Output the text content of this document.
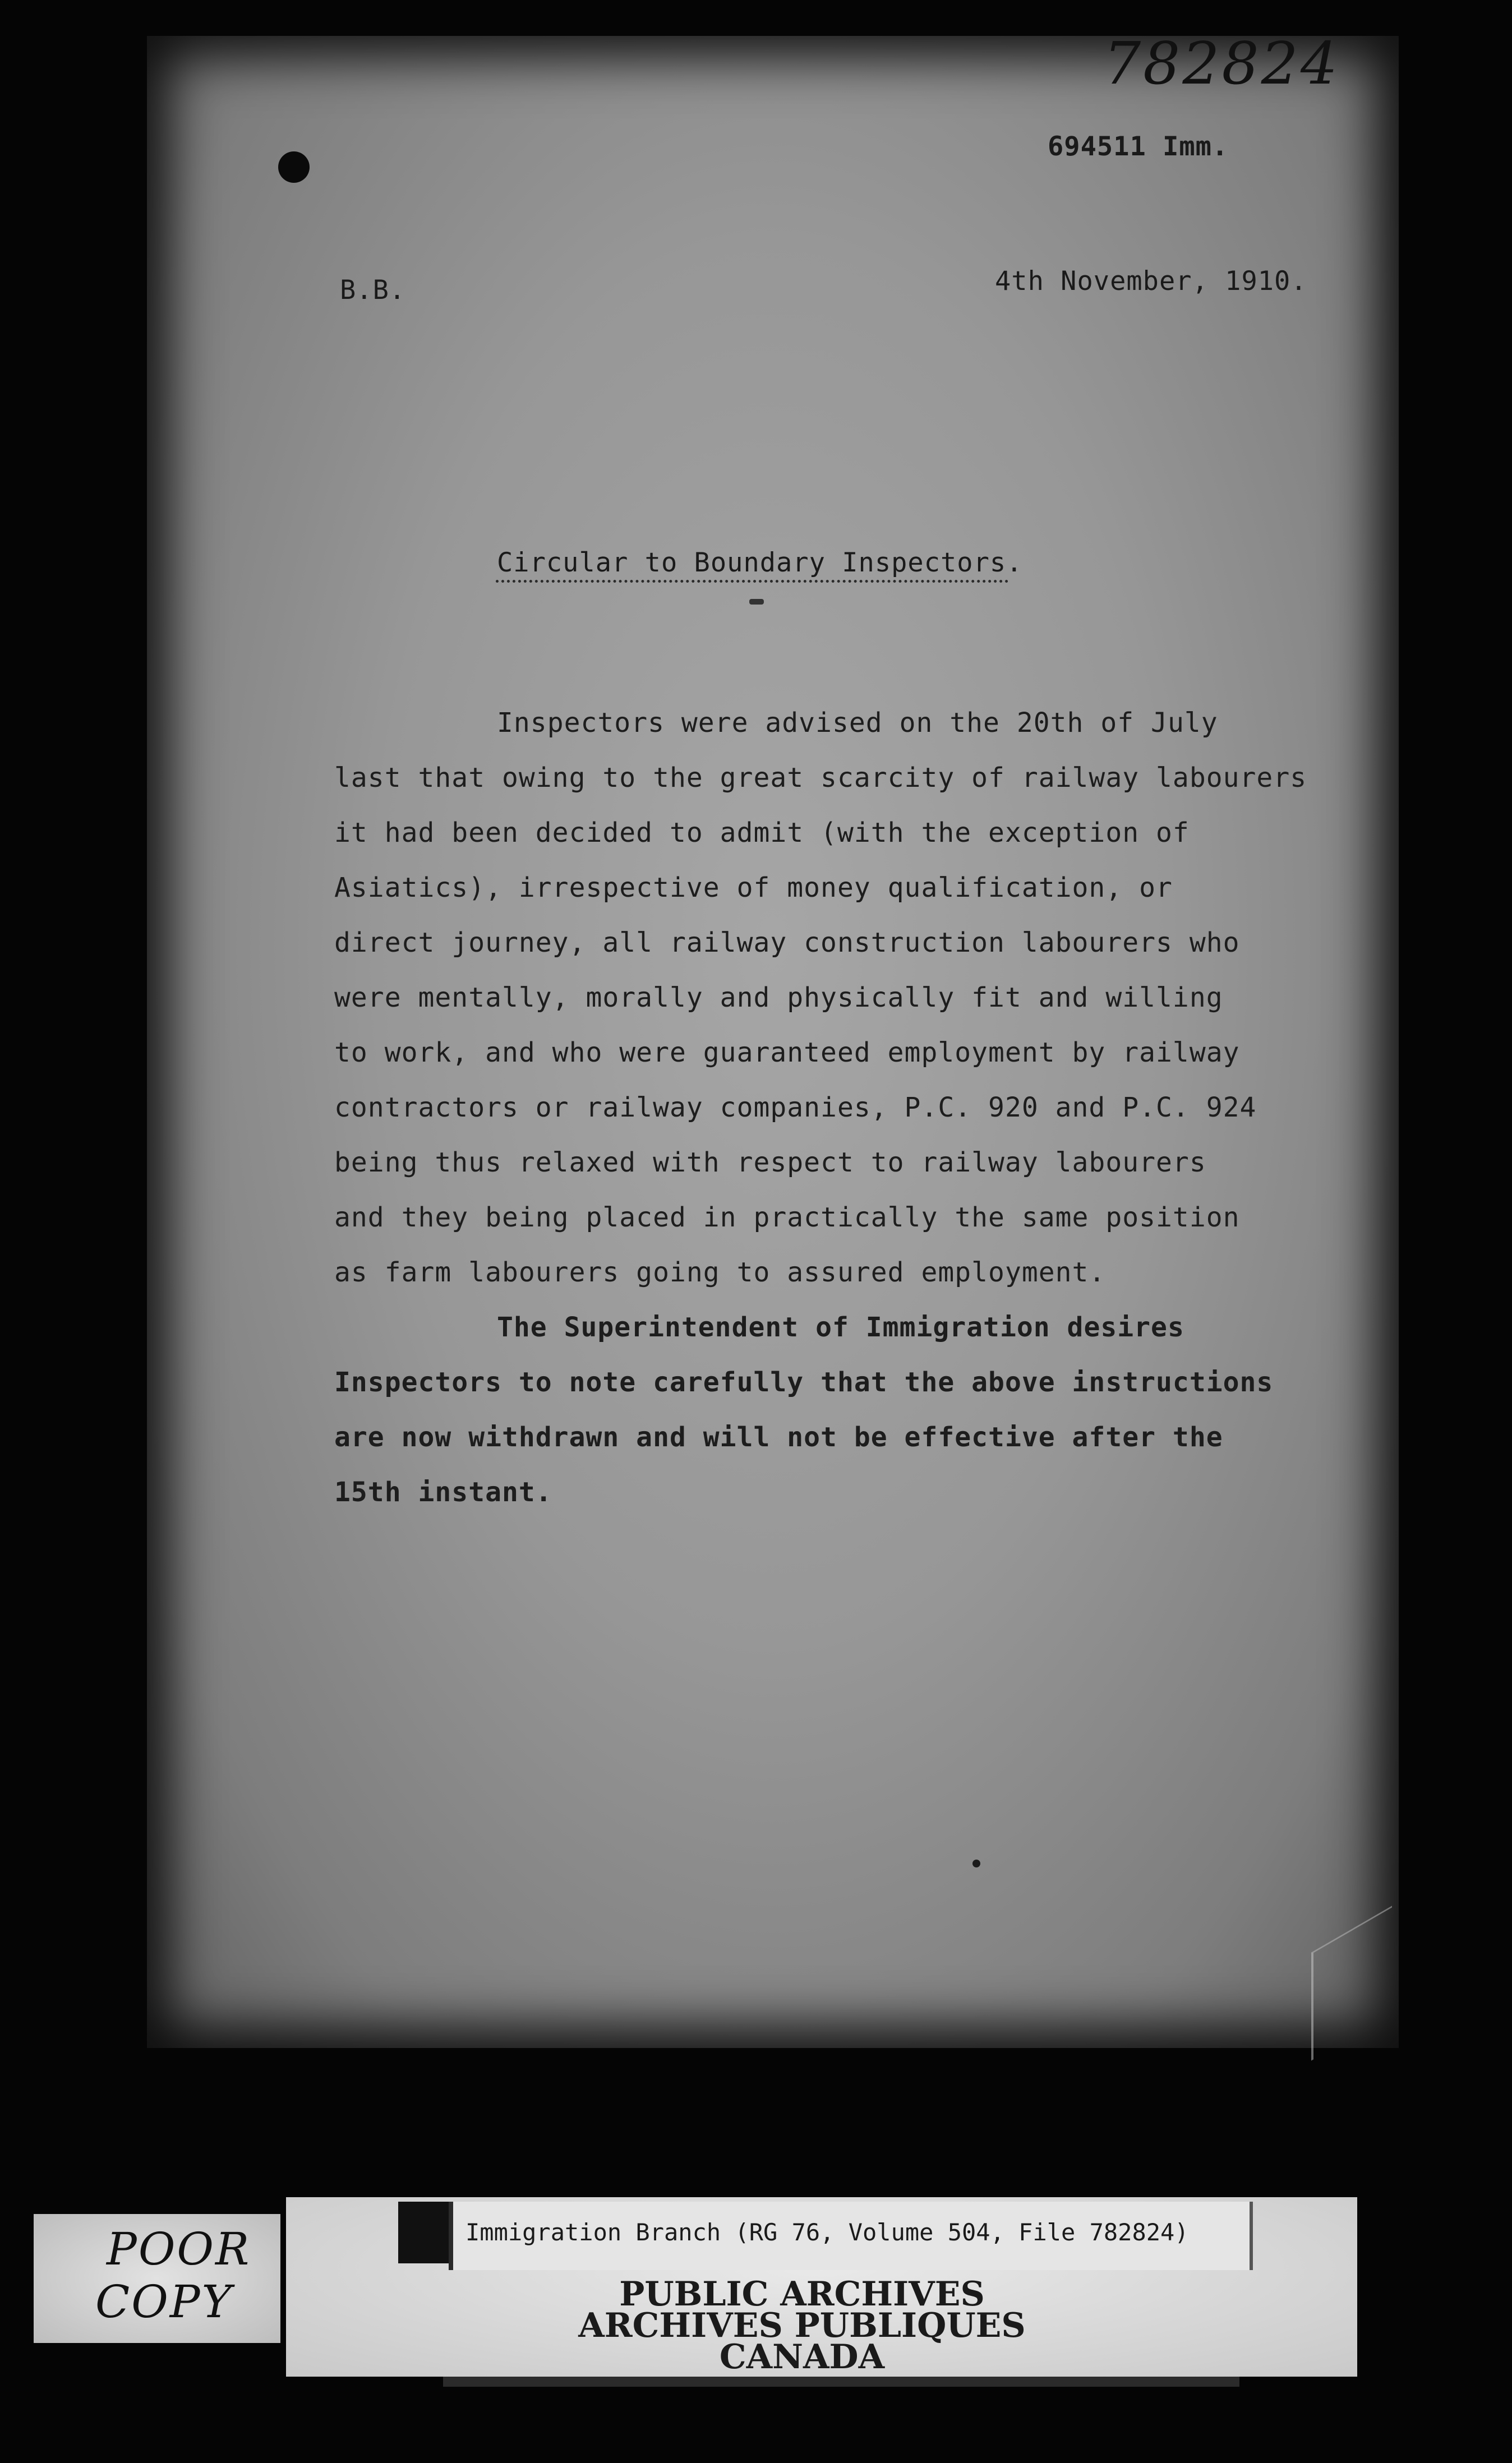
782824
694511 Imm.
B.B.	4th November, 1910.
Circular to Boundary Inspectors.
Inspectors were advised on the 20th of July
last that owing to the great scarcity of railway labourers
it had been decided to admit (with the exception of
Asiatics), irrespective of money qualification, or
direct journey, all railway construction labourers who
were mentally, morally and physically fit and willing
to work, and who were guaranteed employment by railway
contractors or railway companies, P.C. 920 and P.C. 924
being thus relaxed with respect to railway labourers
and they being placed in practically the same position
as farm labourers going to assured employment.
The Superintendent of Immigration desires
Inspectors to note carefully that the above instructions
are now withdrawn and will not be effective after the
15th instant.
POOR
COPY
Immigration Branch (RG 76, Volume 504, File 782824)
PUBLIC ARCHIVES
ARCHIVES PUBLIQUES
CANADA
